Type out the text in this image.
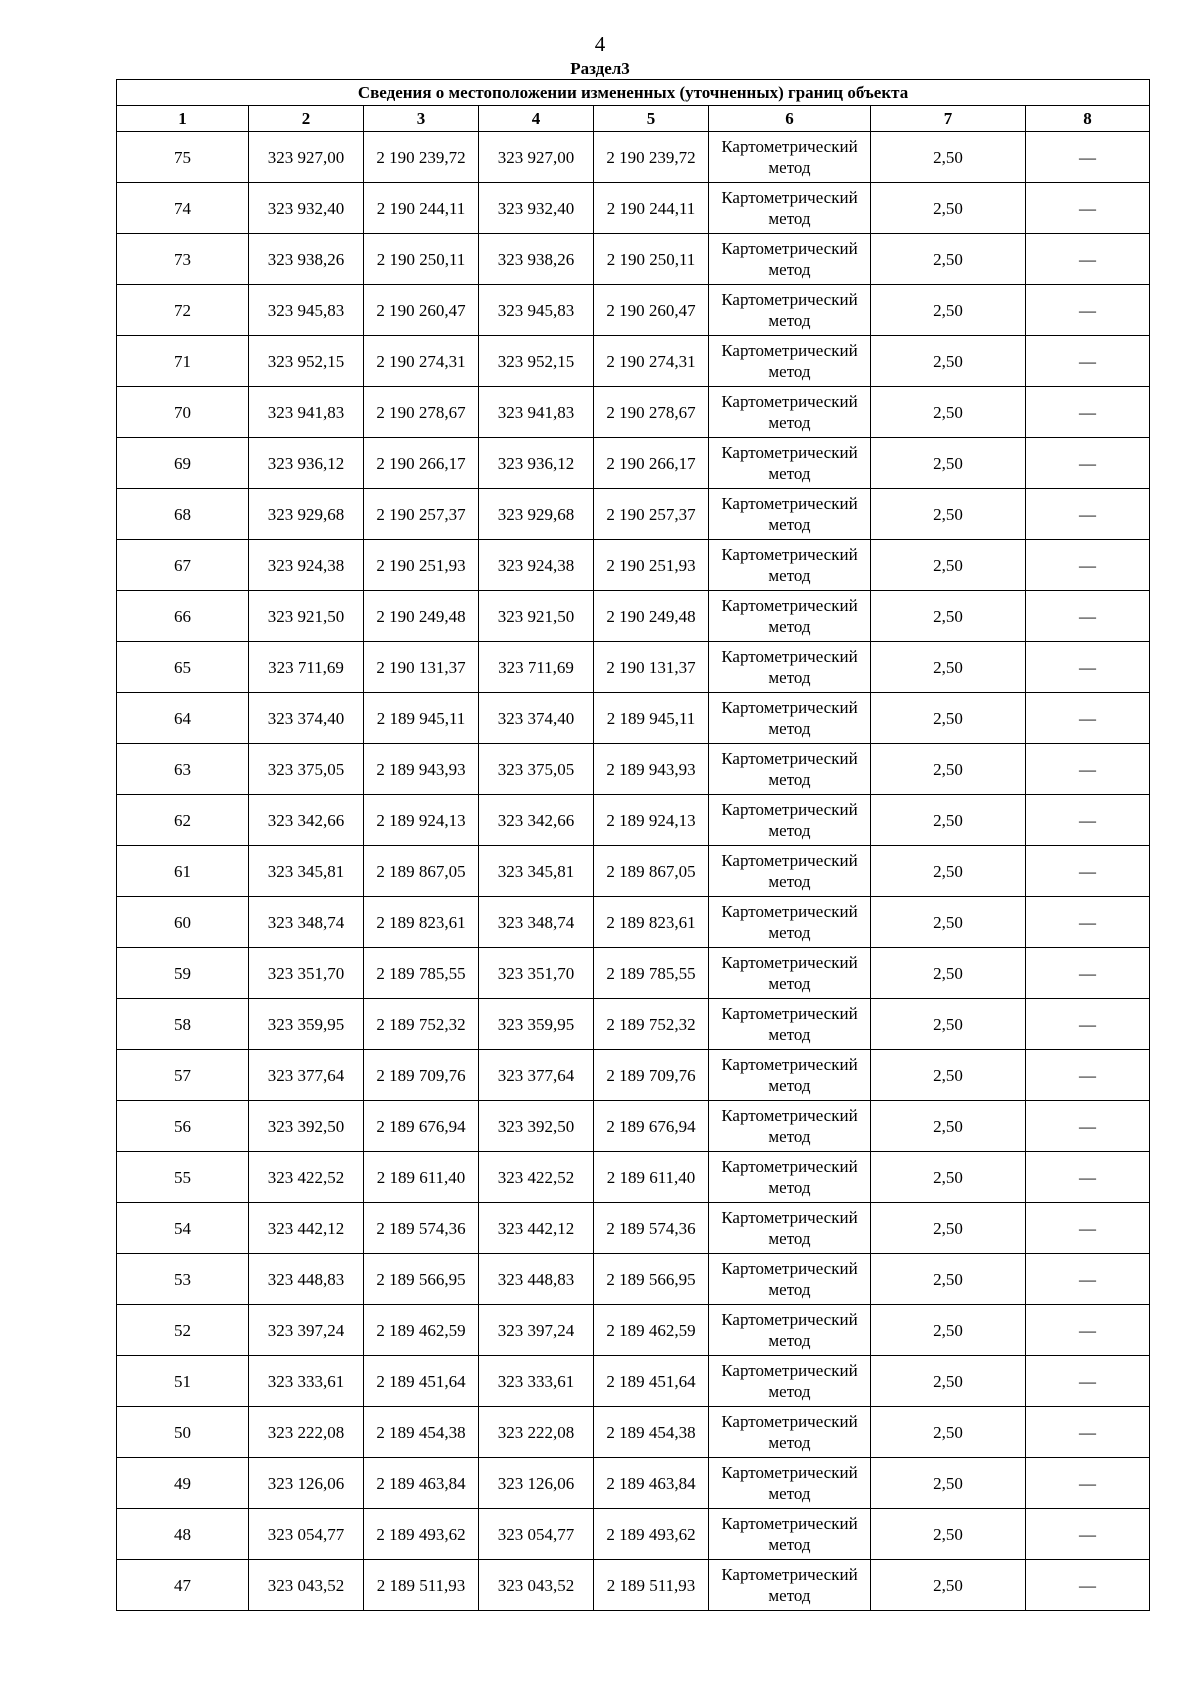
4
Раздел3
Сведения о местоположении измененных (уточненных) границ объекта							
1	2	3	4	5	6	7	8
75	323 927,00	2 190 239,72	323 927,00	2 190 239,72	Картометрический метод	2,50	—
74	323 932,40	2 190 244,11	323 932,40	2 190 244,11	Картометрический метод	2,50	—
73	323 938,26	2 190 250,11	323 938,26	2 190 250,11	Картометрический метод	2,50	—
72	323 945,83	2 190 260,47	323 945,83	2 190 260,47	Картометрический метод	2,50	—
71	323 952,15	2 190 274,31	323 952,15	2 190 274,31	Картометрический метод	2,50	—
70	323 941,83	2 190 278,67	323 941,83	2 190 278,67	Картометрический метод	2,50	—
69	323 936,12	2 190 266,17	323 936,12	2 190 266,17	Картометрический метод	2,50	—
68	323 929,68	2 190 257,37	323 929,68	2 190 257,37	Картометрический метод	2,50	—
67	323 924,38	2 190 251,93	323 924,38	2 190 251,93	Картометрический метод	2,50	—
66	323 921,50	2 190 249,48	323 921,50	2 190 249,48	Картометрический метод	2,50	—
65	323 711,69	2 190 131,37	323 711,69	2 190 131,37	Картометрический метод	2,50	—
64	323 374,40	2 189 945,11	323 374,40	2 189 945,11	Картометрический метод	2,50	—
63	323 375,05	2 189 943,93	323 375,05	2 189 943,93	Картометрический метод	2,50	—
62	323 342,66	2 189 924,13	323 342,66	2 189 924,13	Картометрический метод	2,50	—
61	323 345,81	2 189 867,05	323 345,81	2 189 867,05	Картометрический метод	2,50	—
60	323 348,74	2 189 823,61	323 348,74	2 189 823,61	Картометрический метод	2,50	—
59	323 351,70	2 189 785,55	323 351,70	2 189 785,55	Картометрический метод	2,50	—
58	323 359,95	2 189 752,32	323 359,95	2 189 752,32	Картометрический метод	2,50	—
57	323 377,64	2 189 709,76	323 377,64	2 189 709,76	Картометрический метод	2,50	—
56	323 392,50	2 189 676,94	323 392,50	2 189 676,94	Картометрический метод	2,50	—
55	323 422,52	2 189 611,40	323 422,52	2 189 611,40	Картометрический метод	2,50	—
54	323 442,12	2 189 574,36	323 442,12	2 189 574,36	Картометрический метод	2,50	—
53	323 448,83	2 189 566,95	323 448,83	2 189 566,95	Картометрический метод	2,50	—
52	323 397,24	2 189 462,59	323 397,24	2 189 462,59	Картометрический метод	2,50	—
51	323 333,61	2 189 451,64	323 333,61	2 189 451,64	Картометрический метод	2,50	—
50	323 222,08	2 189 454,38	323 222,08	2 189 454,38	Картометрический метод	2,50	—
49	323 126,06	2 189 463,84	323 126,06	2 189 463,84	Картометрический метод	2,50	—
48	323 054,77	2 189 493,62	323 054,77	2 189 493,62	Картометрический метод	2,50	—
47	323 043,52	2 189 511,93	323 043,52	2 189 511,93	Картометрический метод	2,50	—
